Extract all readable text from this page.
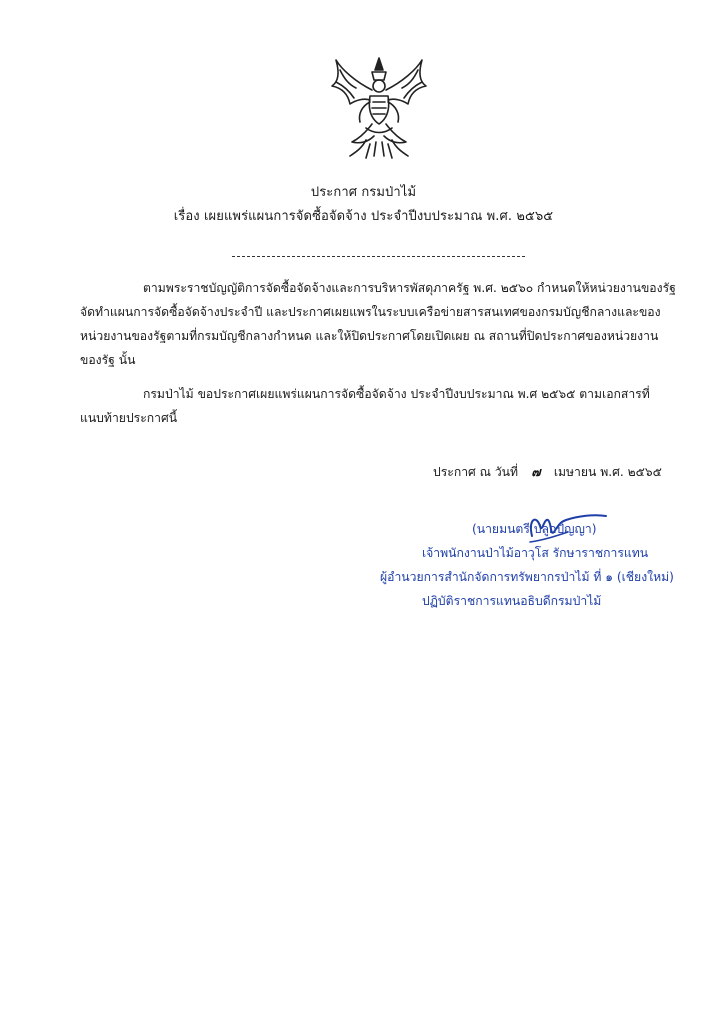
ประกาศ กรมป่าไม้
เรื่อง เผยแพร่แผนการจัดซื้อจัดจ้าง ประจำปีงบประมาณ พ.ศ. ๒๕๖๕
ตามพระราชบัญญัติการจัดซื้อจัดจ้างและการบริหารพัสดุภาครัฐ พ.ศ. ๒๕๖๐ กำหนดให้หน่วยงานของรัฐ
จัดทำแผนการจัดซื้อจัดจ้างประจำปี และประกาศเผยแพรในระบบเครือข่ายสารสนเทศของกรมบัญชีกลางและของ
หน่วยงานของรัฐตามที่กรมบัญชีกลางกำหนด และให้ปิดประกาศโดยเปิดเผย ณ สถานที่ปิดประกาศของหน่วยงาน
ของรัฐ นั้น
กรมป่าไม้ ขอประกาศเผยแพร่แผนการจัดซื้อจัดจ้าง ประจำปีงบประมาณ พ.ศ ๒๕๖๕ ตามเอกสารที่
แนบท้ายประกาศนี้
ประกาศ ณ วันที่ ๗ เมษายน พ.ศ. ๒๕๖๕
(นายมนตรี ปลูกปัญญา)
เจ้าพนักงานป่าไม้อาวุโส รักษาราชการแทน
ผู้อำนวยการสำนักจัดการทรัพยากรป่าไม้ ที่ ๑ (เชียงใหม่)
ปฏิบัติราชการแทนอธิบดีกรมป่าไม้
